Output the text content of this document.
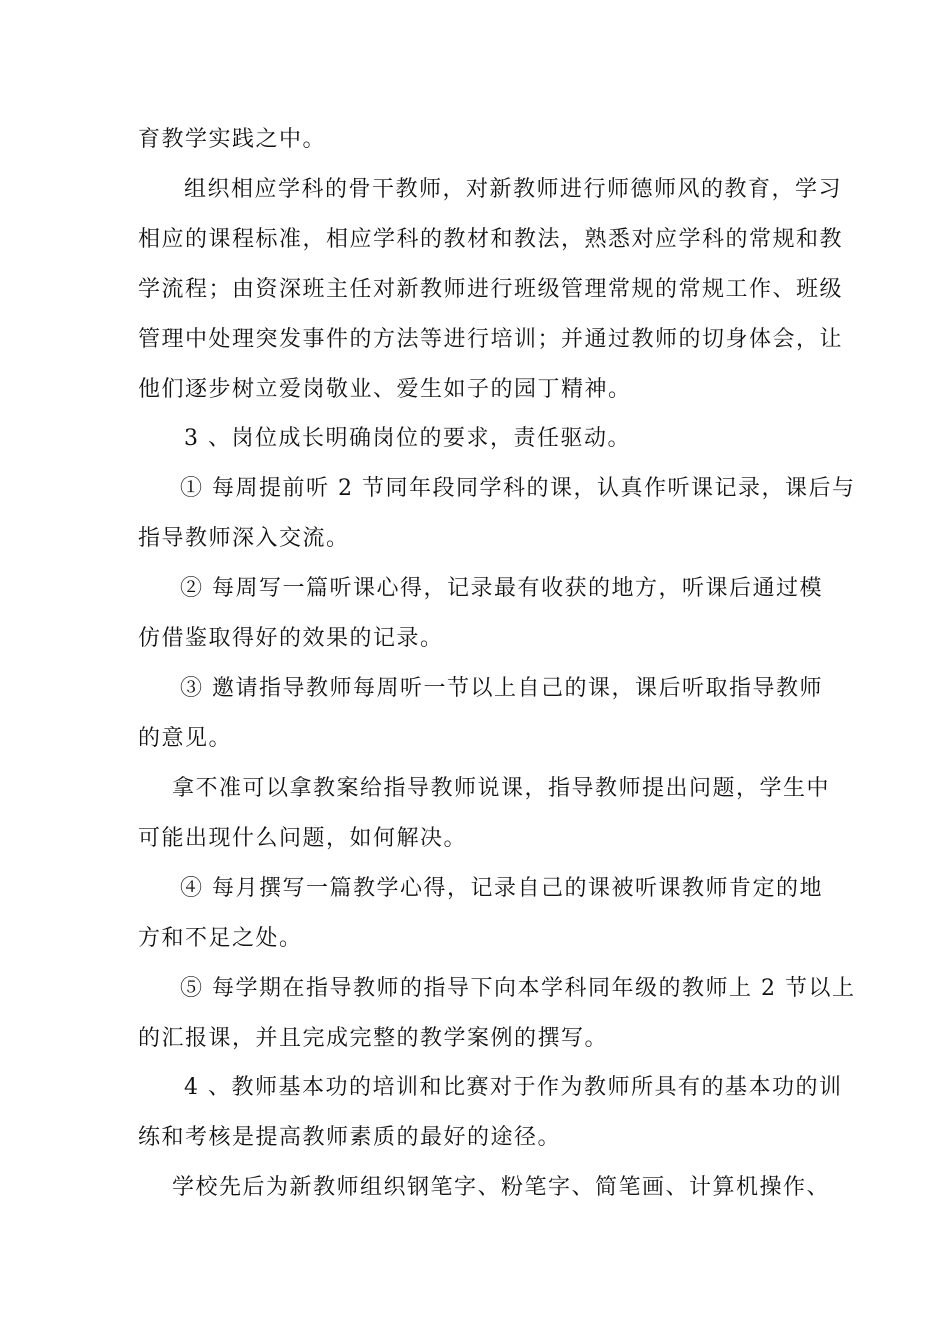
育教学实践之中。
组织相应学科的骨干教师，对新教师进行师德师风的教育，学习
相应的课程标准，相应学科的教材和教法，熟悉对应学科的常规和教
学流程；由资深班主任对新教师进行班级管理常规的常规工作、班级
管理中处理突发事件的方法等进行培训；并通过教师的切身体会，让
他们逐步树立爱岗敬业、爱生如子的园丁精神。
3 、岗位成长明确岗位的要求，责任驱动。
① 每周提前听 2 节同年段同学科的课，认真作听课记录，课后与
指导教师深入交流。
② 每周写一篇听课心得，记录最有收获的地方，听课后通过模
仿借鉴取得好的效果的记录。
③ 邀请指导教师每周听一节以上自己的课，课后听取指导教师
的意见。
拿不准可以拿教案给指导教师说课，指导教师提出问题，学生中
可能出现什么问题，如何解决。
④ 每月撰写一篇教学心得，记录自己的课被听课教师肯定的地
方和不足之处。
⑤ 每学期在指导教师的指导下向本学科同年级的教师上 2 节以上
的汇报课，并且完成完整的教学案例的撰写。
4 、教师基本功的培训和比赛对于作为教师所具有的基本功的训
练和考核是提高教师素质的最好的途径。
学校先后为新教师组织钢笔字、粉笔字、简笔画、计算机操作、
